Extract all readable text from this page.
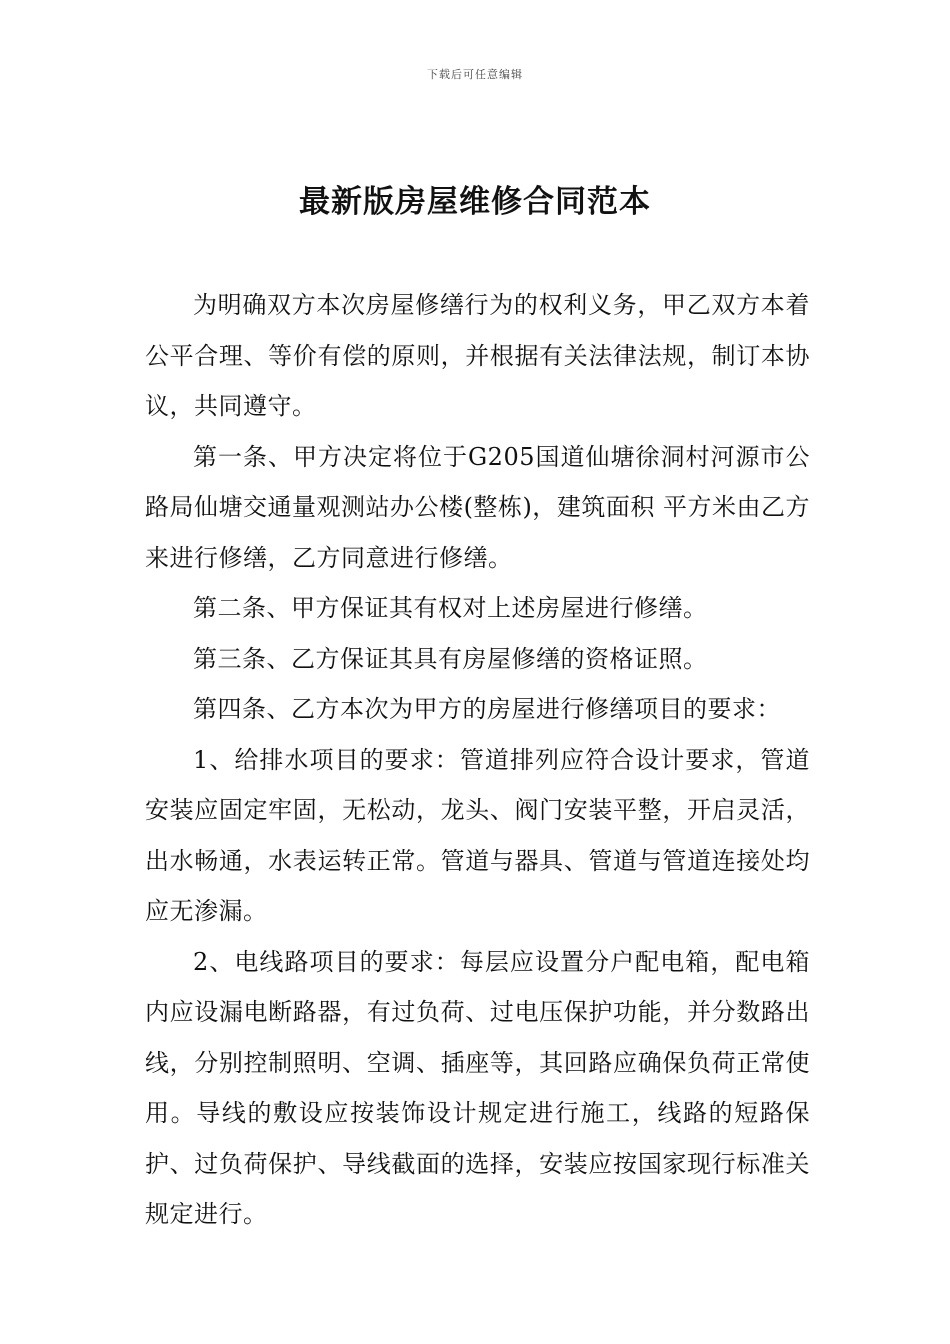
下载后可任意编辑
最新版房屋维修合同范本

为明确双方本次房屋修缮行为的权利义务，甲乙双方本着公平合理、等价有偿的原则，并根据有关法律法规，制订本协议，共同遵守。

第一条、甲方决定将位于G205国道仙塘徐洞村河源市公路局仙塘交通量观测站办公楼(整栋)，建筑面积 平方米由乙方来进行修缮，乙方同意进行修缮。

第二条、甲方保证其有权对上述房屋进行修缮。

第三条、乙方保证其具有房屋修缮的资格证照。

第四条、乙方本次为甲方的房屋进行修缮项目的要求：

1、给排水项目的要求：管道排列应符合设计要求，管道安装应固定牢固，无松动，龙头、阀门安装平整，开启灵活，出水畅通，水表运转正常。管道与器具、管道与管道连接处均应无渗漏。

2、电线路项目的要求：每层应设置分户配电箱，配电箱内应设漏电断路器，有过负荷、过电压保护功能，并分数路出线，分别控制照明、空调、插座等，其回路应确保负荷正常使用。导线的敷设应按装饰设计规定进行施工，线路的短路保护、过负荷保护、导线截面的选择，安装应按国家现行标准关规定进行。
